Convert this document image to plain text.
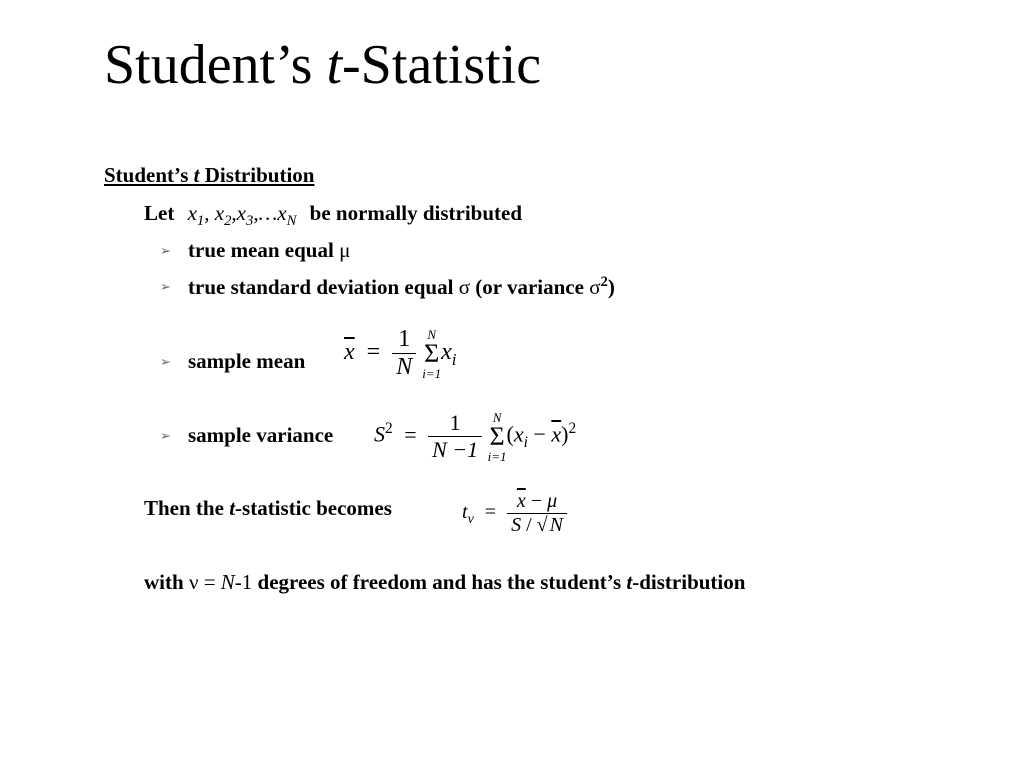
Student’s t-Statistic
Student’s t Distribution
Let $x_1$, $x_2,x_3,\dots x_N$ be normally distributed
➢ true mean equal μ
➢ true standard deviation equal σ (or variance $\sigma^2$)
➢ sample mean $\overline{x} = \frac{1}{N}$
N
Σ
i=1
$x_i$
➢ sample variance $S^2 = \frac{1}{N -1}$
N
Σ
i=1
$(x_i - \overline{x})^2$
Then the t-statistic becomes	$t_\nu = \frac{\overline{x} - \mu}{S / √ N}$
with ν = N-1 degrees of freedom and has the student’s t-distribution
